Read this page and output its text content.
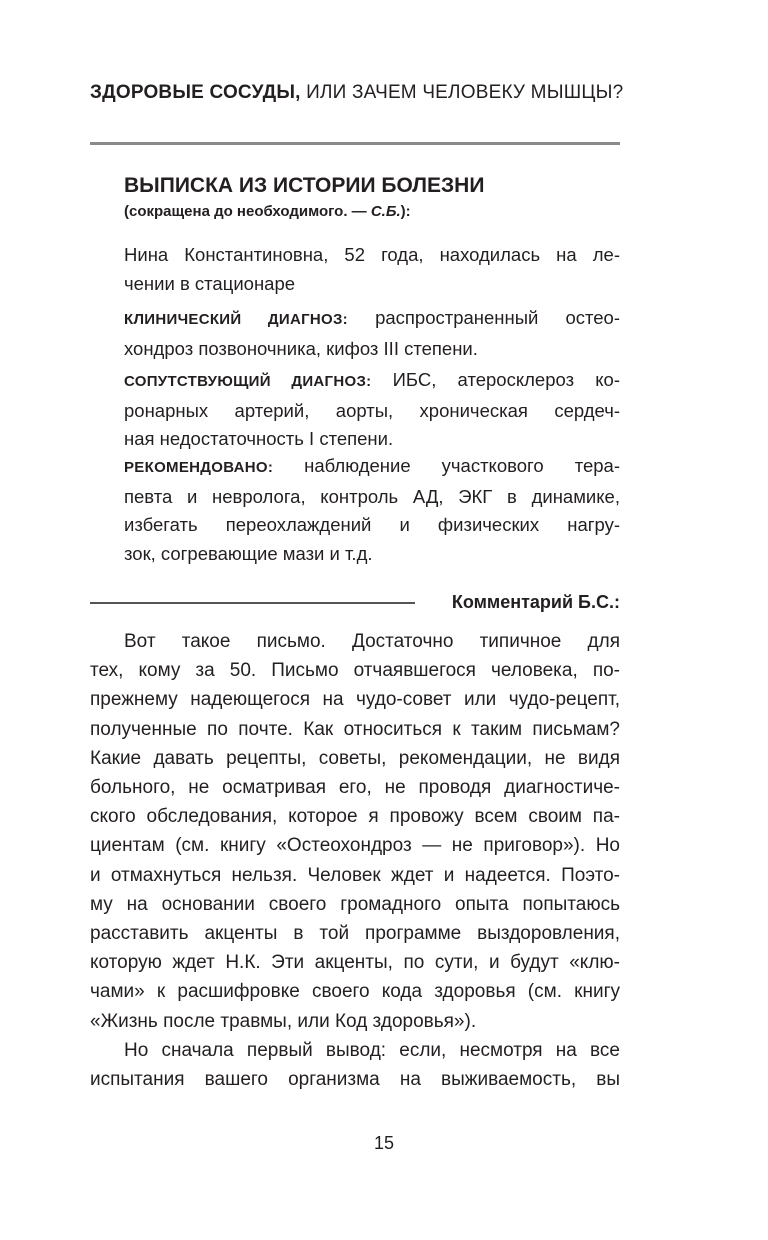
ЗДОРОВЫЕ СОСУДЫ, ИЛИ ЗАЧЕМ ЧЕЛОВЕКУ МЫШЦЫ?
ВЫПИСКА ИЗ ИСТОРИИ БОЛЕЗНИ
(сокращена до необходимого. — С.Б.):
Нина Константиновна, 52 года, находилась на ле-
чении в стационаре
КЛИНИЧЕСКИЙ ДИАГНОЗ: распространенный остео-
хондроз позвоночника, кифоз III степени.
СОПУТСТВУЮЩИЙ ДИАГНОЗ: ИБС, атеросклероз ко-
ронарных артерий, аорты, хроническая сердеч-
ная недостаточность I степени.
РЕКОМЕНДОВАНО: наблюдение участкового тера-
певта и невролога, контроль АД, ЭКГ в динамике,
избегать переохлаждений и физических нагру-
зок, согревающие мази и т.д.
Комментарий Б.С.:
Вот такое письмо. Достаточно типичное для
тех, кому за 50. Письмо отчаявшегося человека, по-
прежнему надеющегося на чудо-совет или чудо-рецепт,
полученные по почте. Как относиться к таким письмам?
Какие давать рецепты, советы, рекомендации, не видя
больного, не осматривая его, не проводя диагностиче-
ского обследования, которое я провожу всем своим па-
циентам (см. книгу «Остеохондроз — не приговор»). Но
и отмахнуться нельзя. Человек ждет и надеется. Поэто-
му на основании своего громадного опыта попытаюсь
расставить акценты в той программе выздоровления,
которую ждет Н.К. Эти акценты, по сути, и будут «клю-
чами» к расшифровке своего кода здоровья (см. книгу
«Жизнь после травмы, или Код здоровья»).
Но сначала первый вывод: если, несмотря на все
испытания вашего организма на выживаемость, вы
15
